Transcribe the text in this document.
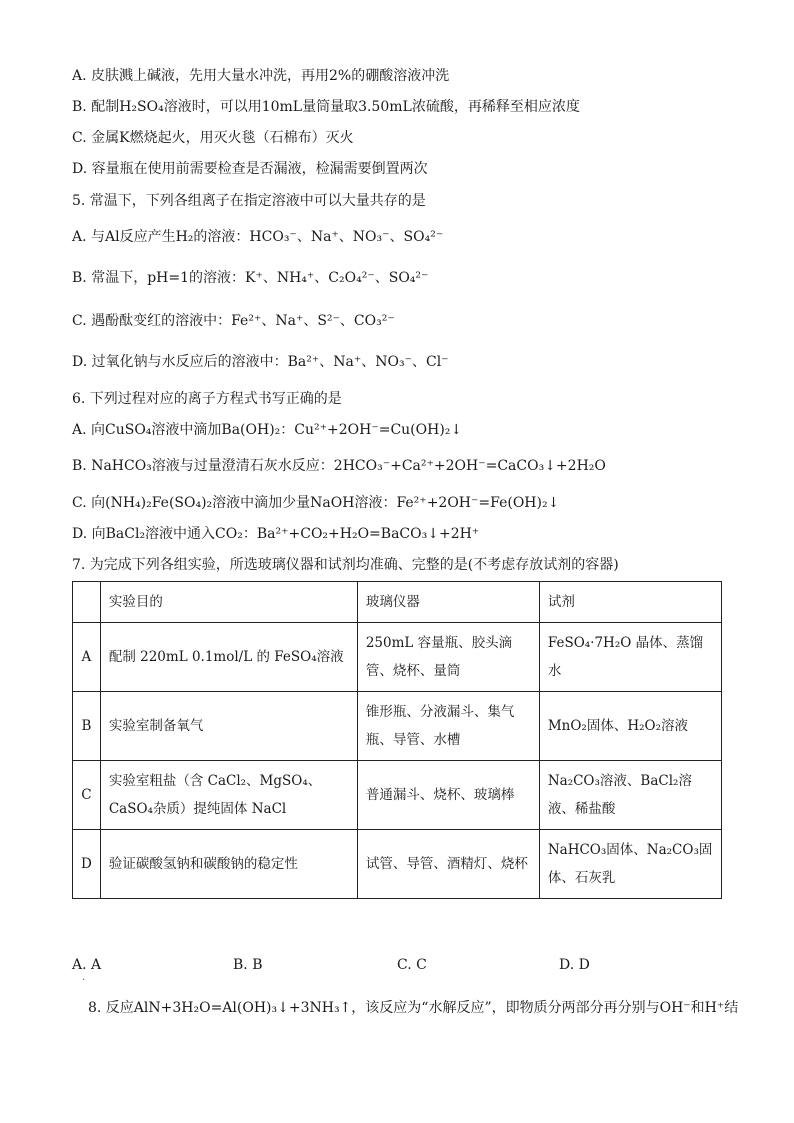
A. 皮肤溅上碱液，先用大量水冲洗，再用2%的硼酸溶液冲洗
B. 配制H₂SO₄溶液时，可以用10mL量筒量取3.50mL浓硫酸，再稀释至相应浓度
C. 金属K燃烧起火，用灭火毯（石棉布）灭火
D. 容量瓶在使用前需要检查是否漏液，检漏需要倒置两次
5. 常温下，下列各组离子在指定溶液中可以大量共存的是
A. 与Al反应产生H₂的溶液：HCO₃⁻、Na⁺、NO₃⁻、SO₄²⁻
B. 常温下，pH=1的溶液：K⁺、NH₄⁺、C₂O₄²⁻、SO₄²⁻
C. 遇酚酞变红的溶液中：Fe²⁺、Na⁺、S²⁻、CO₃²⁻
D. 过氧化钠与水反应后的溶液中：Ba²⁺、Na⁺、NO₃⁻、Cl⁻
6. 下列过程对应的离子方程式书写正确的是
A. 向CuSO₄溶液中滴加Ba(OH)₂：Cu²⁺+2OH⁻=Cu(OH)₂↓
B. NaHCO₃溶液与过量澄清石灰水反应：2HCO₃⁻+Ca²⁺+2OH⁻=CaCO₃↓+2H₂O
C. 向(NH₄)₂Fe(SO₄)₂溶液中滴加少量NaOH溶液：Fe²⁺+2OH⁻=Fe(OH)₂↓
D. 向BaCl₂溶液中通入CO₂：Ba²⁺+CO₂+H₂O=BaCO₃↓+2H⁺
7. 为完成下列各组实验，所选玻璃仪器和试剂均准确、完整的是(不考虑存放试剂的容器)
	实验目的	玻璃仪器	试剂
A	配制 220mL 0.1mol/L 的 FeSO₄溶液	250mL 容量瓶、胶头滴管、烧杯、量筒	FeSO₄·7H₂O 晶体、蒸馏水
B	实验室制备氧气	锥形瓶、分液漏斗、集气瓶、导管、水槽	MnO₂固体、H₂O₂溶液
C	实验室粗盐（含 CaCl₂、MgSO₄、CaSO₄杂质）提纯固体 NaCl	普通漏斗、烧杯、玻璃棒	Na₂CO₃溶液、BaCl₂溶液、稀盐酸
D	验证碳酸氢钠和碳酸钠的稳定性	试管、导管、酒精灯、烧杯	NaHCO₃固体、Na₂CO₃固体、石灰乳
A. A	B. B	C. C	D. D
·
8. 反应AlN+3H₂O=Al(OH)₃↓+3NH₃↑，该反应为“水解反应”，即物质分两部分再分别与OH⁻和H⁺结
